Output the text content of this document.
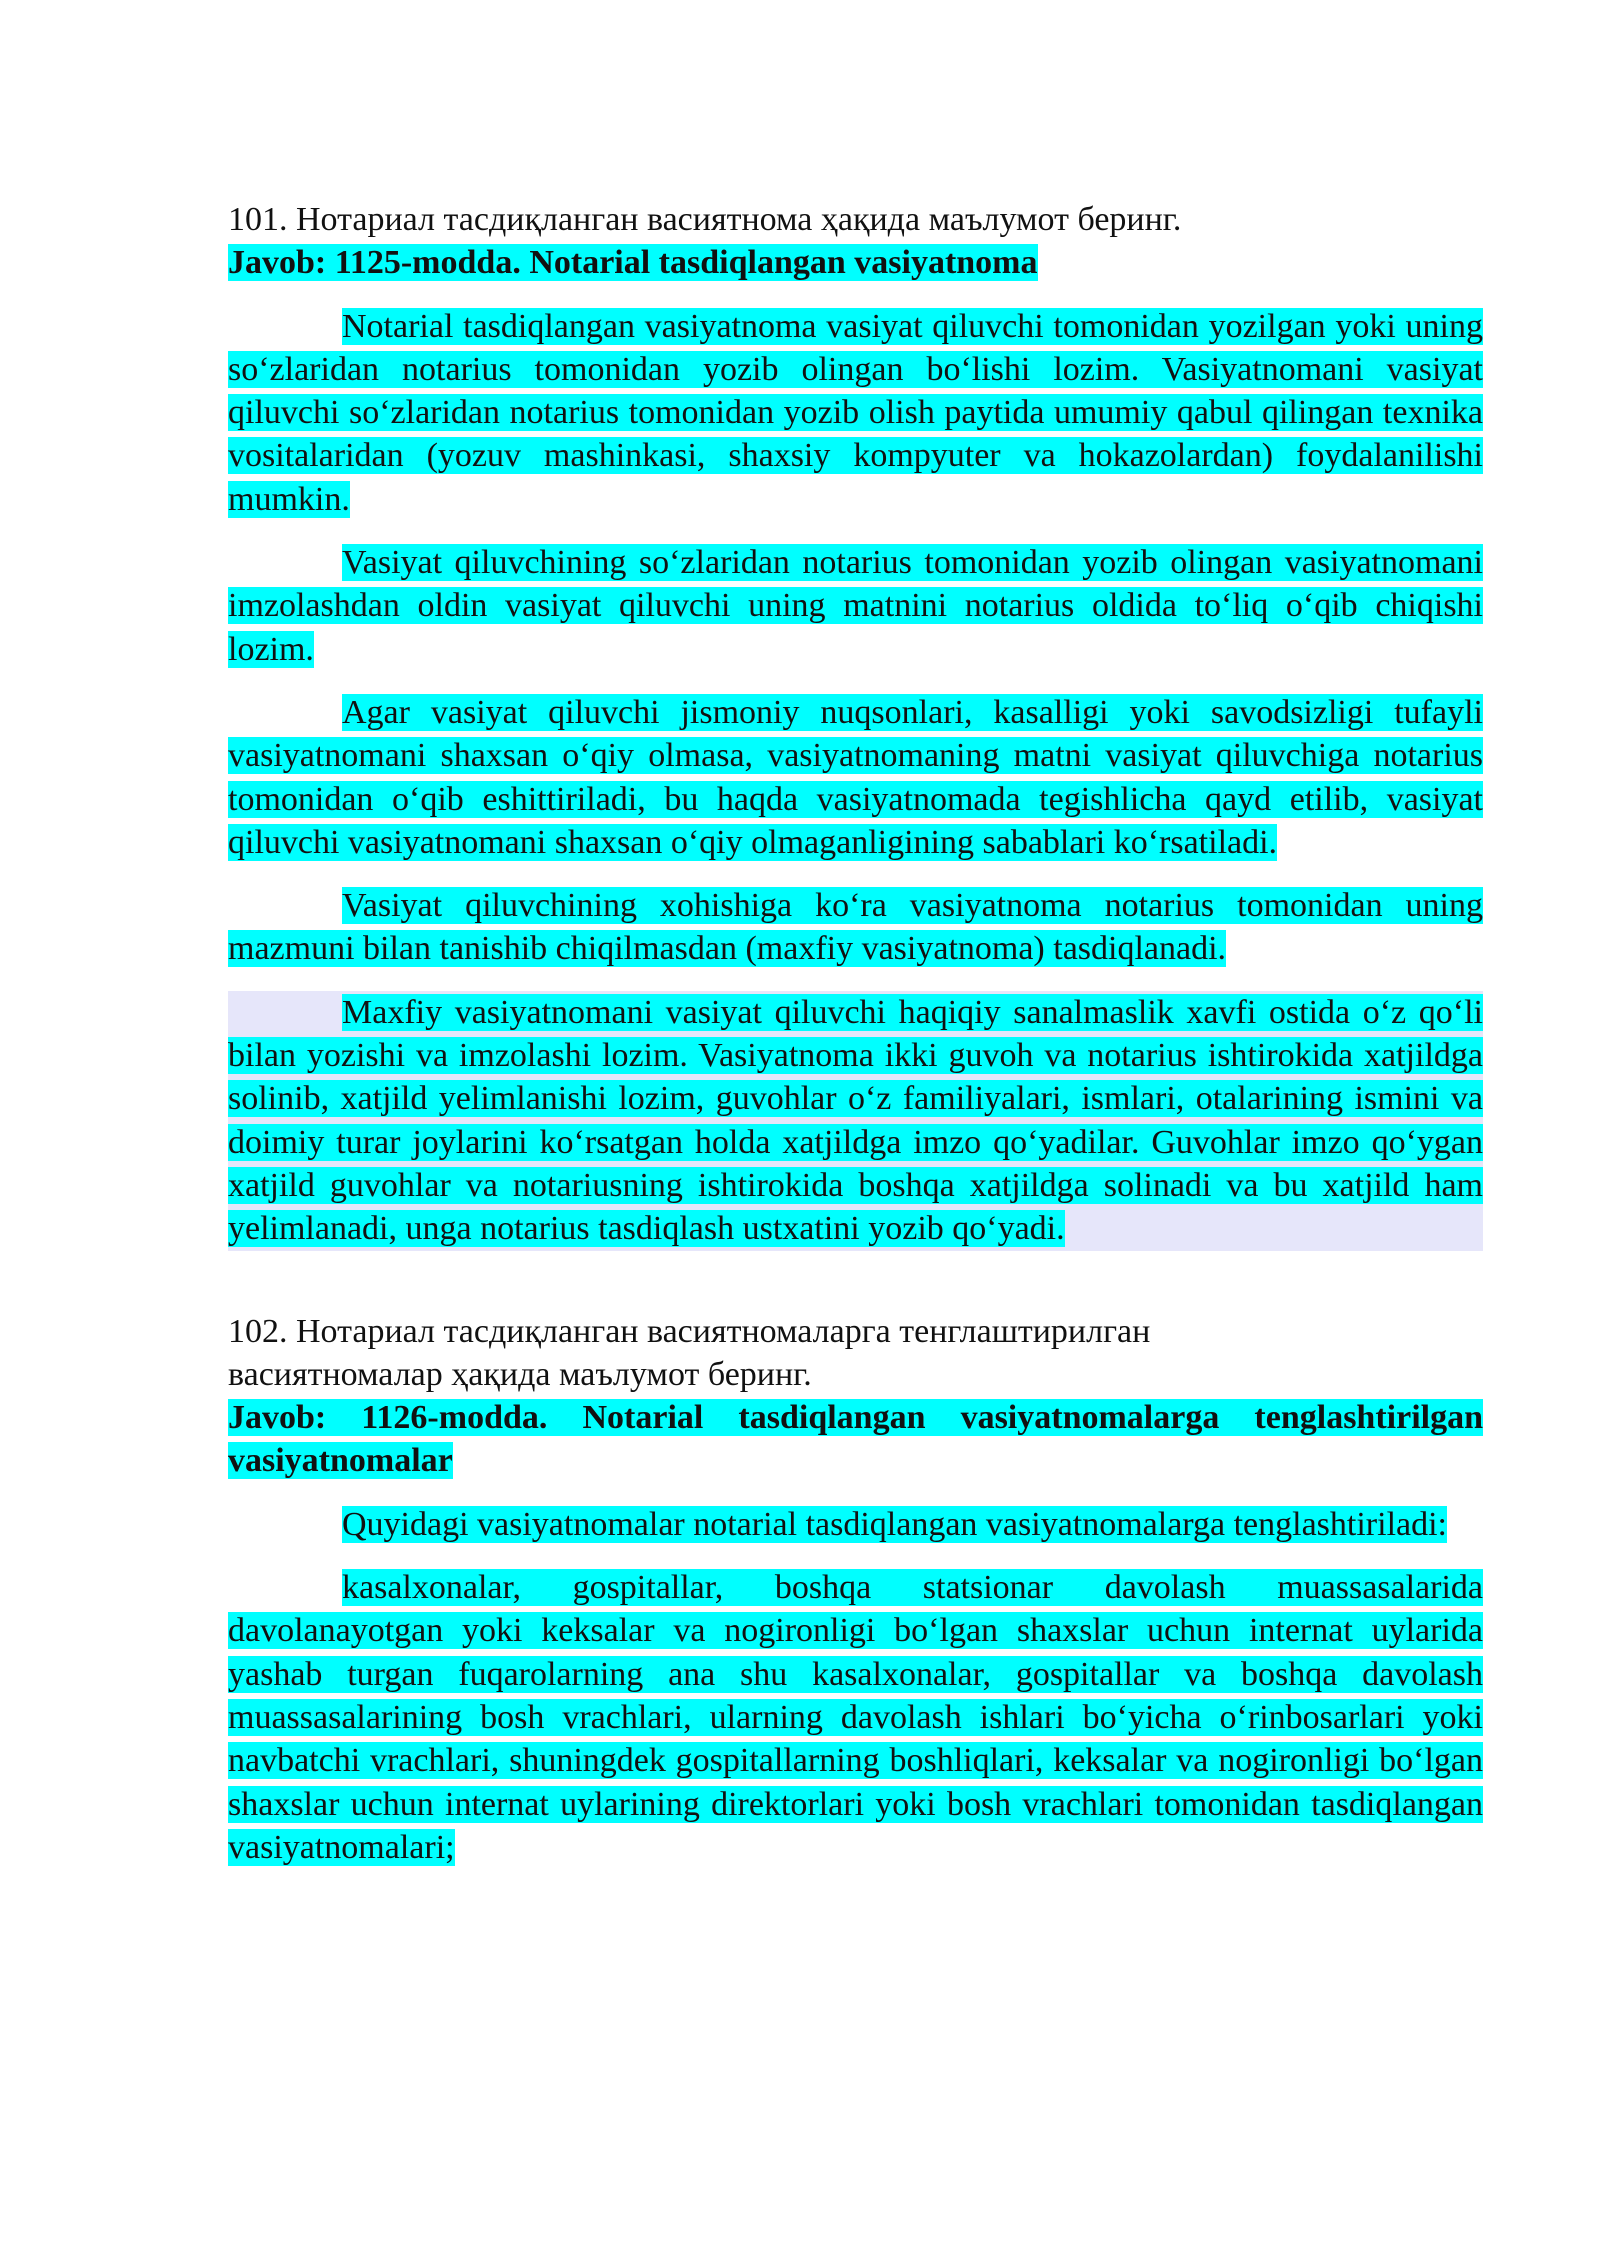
101. Нотариал тасдиқланган васиятнома ҳақида маълумот беринг.

Javob: 1125-modda. Notarial tasdiqlangan vasiyatnoma

Notarial tasdiqlangan vasiyatnoma vasiyat qiluvchi tomonidan yozilgan yoki uning so‘zlaridan notarius tomonidan yozib olingan bo‘lishi lozim. Vasiyatnomani vasiyat qiluvchi so‘zlaridan notarius tomonidan yozib olish paytida umumiy qabul qilingan texnika vositalaridan (yozuv mashinkasi, shaxsiy kompyuter va hokazolardan) foydalanilishi mumkin.

Vasiyat qiluvchining so‘zlaridan notarius tomonidan yozib olingan vasiyatnomani imzolashdan oldin vasiyat qiluvchi uning matnini notarius oldida to‘liq o‘qib chiqishi lozim.

Agar vasiyat qiluvchi jismoniy nuqsonlari, kasalligi yoki savodsizligi tufayli vasiyatnomani shaxsan o‘qiy olmasa, vasiyatnomaning matni vasiyat qiluvchiga notarius tomonidan o‘qib eshittiriladi, bu haqda vasiyatnomada tegishlicha qayd etilib, vasiyat qiluvchi vasiyatnomani shaxsan o‘qiy olmaganligining sabablari ko‘rsatiladi.

Vasiyat qiluvchining xohishiga ko‘ra vasiyatnoma notarius tomonidan uning mazmuni bilan tanishib chiqilmasdan (maxfiy vasiyatnoma) tasdiqlanadi.

Maxfiy vasiyatnomani vasiyat qiluvchi haqiqiy sanalmaslik xavfi ostida o‘z qo‘li bilan yozishi va imzolashi lozim. Vasiyatnoma ikki guvoh va notarius ishtirokida xatjildga solinib, xatjild yelimlanishi lozim, guvohlar o‘z familiyalari, ismlari, otalarining ismini va doimiy turar joylarini ko‘rsatgan holda xatjildga imzo qo‘yadilar. Guvohlar imzo qo‘ygan xatjild guvohlar va notariusning ishtirokida boshqa xatjildga solinadi va bu xatjild ham yelimlanadi, unga notarius tasdiqlash ustxatini yozib qo‘yadi.

102. Нотариал тасдиқланган васиятномаларга тенглаштирилган
васиятномалар ҳақида маълумот беринг.

Javob: 1126-modda. Notarial tasdiqlangan vasiyatnomalarga tenglashtirilgan vasiyatnomalar

Quyidagi vasiyatnomalar notarial tasdiqlangan vasiyatnomalarga tenglashtiriladi:

kasalxonalar, gospitallar, boshqa statsionar davolash muassasalarida davolanayotgan yoki keksalar va nogironligi bo‘lgan shaxslar uchun internat uylarida yashab turgan fuqarolarning ana shu kasalxonalar, gospitallar va boshqa davolash muassasalarining bosh vrachlari, ularning davolash ishlari bo‘yicha o‘rinbosarlari yoki navbatchi vrachlari, shuningdek gospitallarning boshliqlari, keksalar va nogironligi bo‘lgan shaxslar uchun internat uylarining direktorlari yoki bosh vrachlari tomonidan tasdiqlangan vasiyatnomalari;
